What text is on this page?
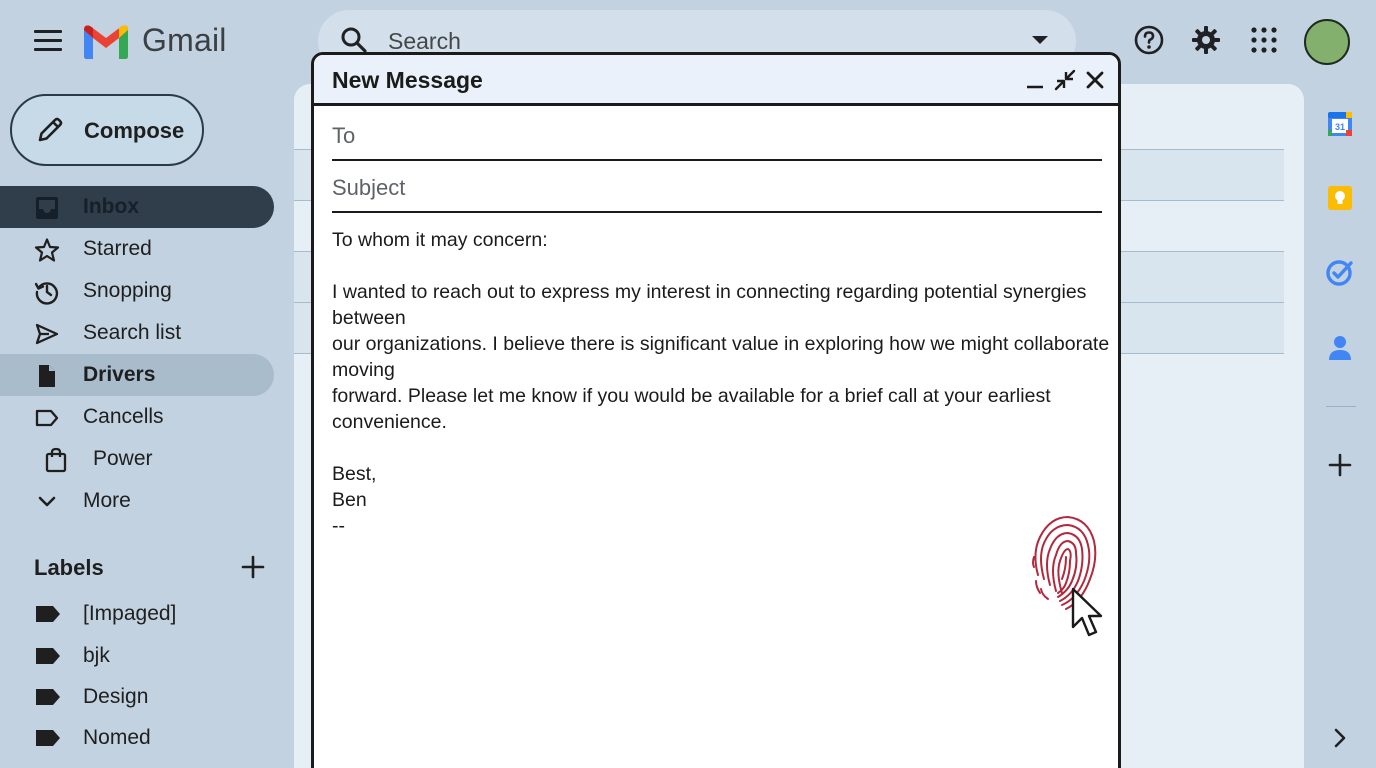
Gmail
Search
Compose
Inbox
Starred
Snopping
Search list
Drivers
Cancells
Power
More
Labels
[Impaged]
bjk
Design
Nomed
31
New Message
To
Subject

To whom it may concern:

I wanted to reach out to express my interest in connecting regarding potential synergies between

our organizations. I believe there is significant value in exploring how we might collaborate moving

forward. Please let me know if you would be available for a brief call at your earliest convenience.

Best,

Ben

--
